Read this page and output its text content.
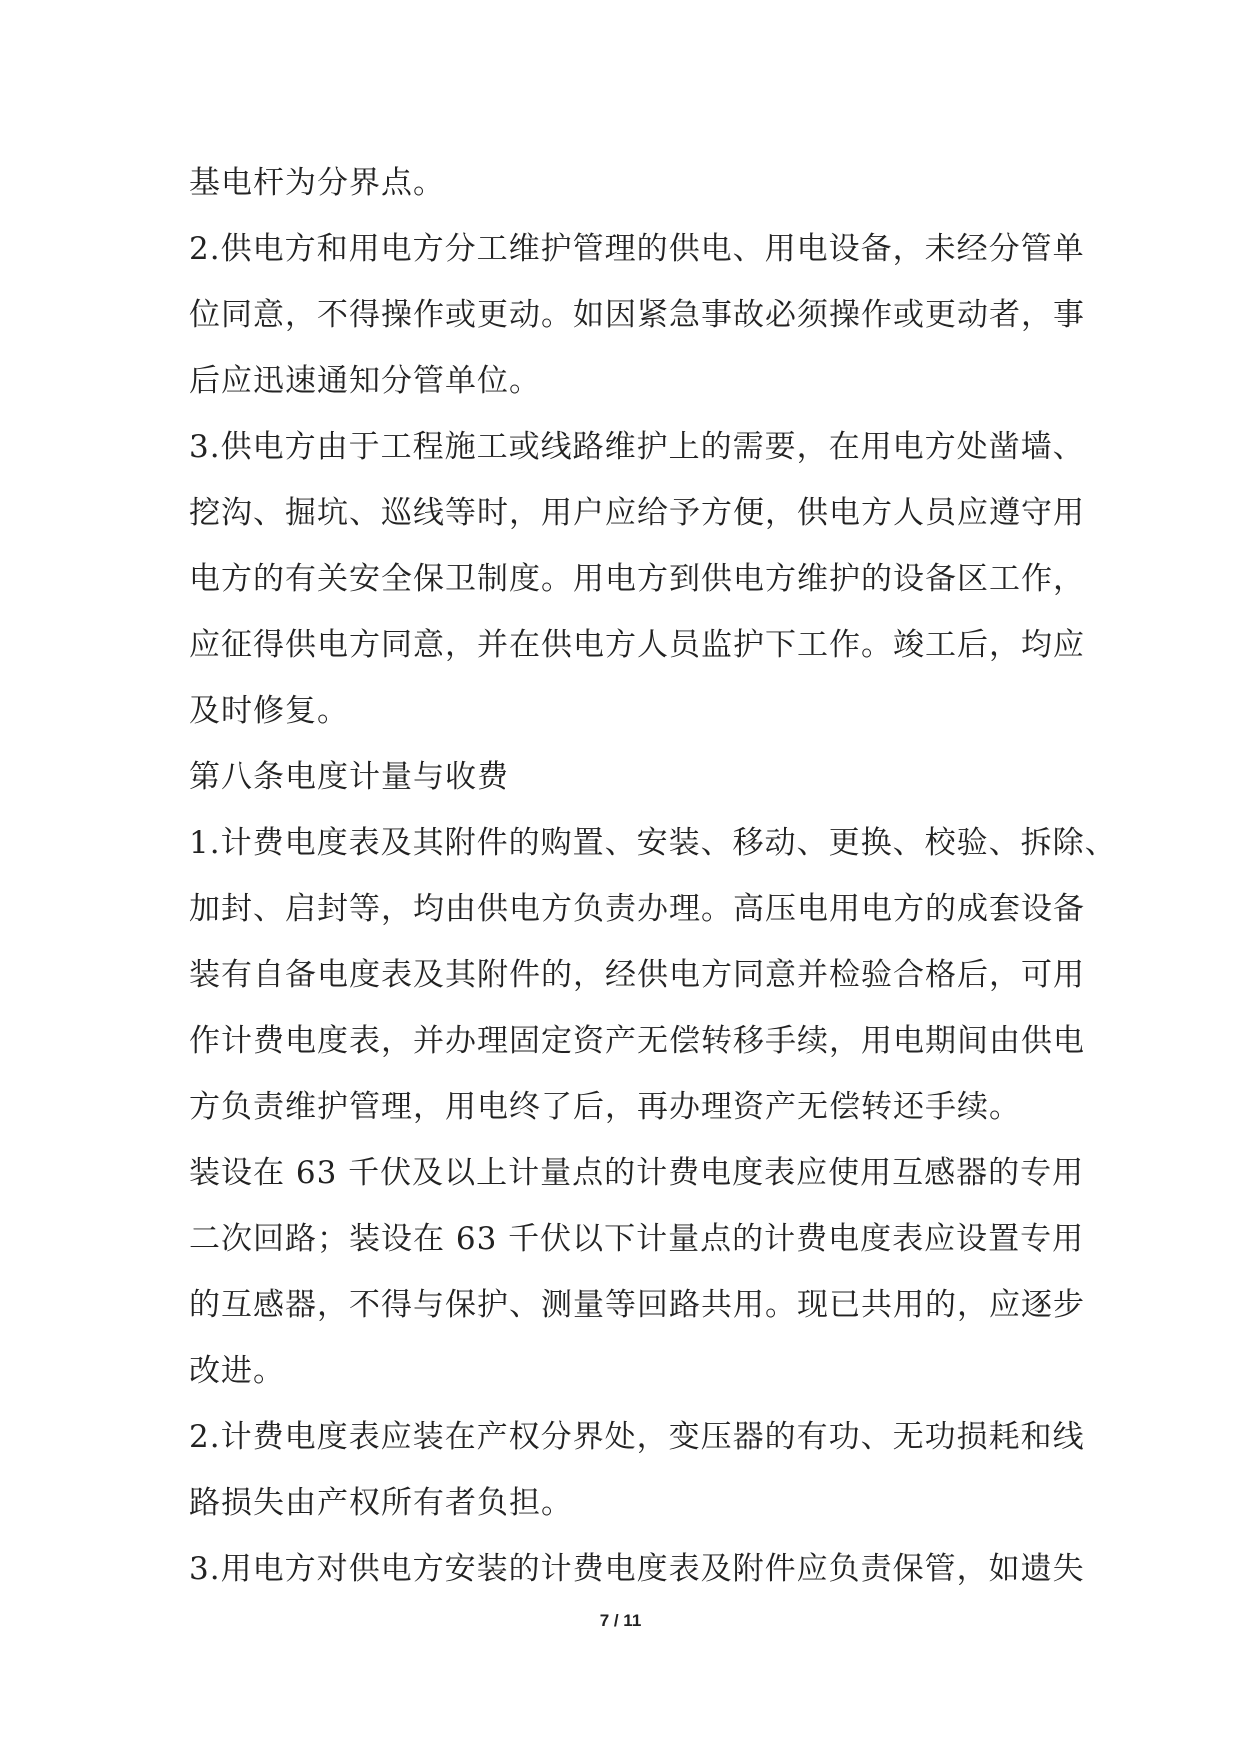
基电杆为分界点。
2.供电方和用电方分工维护管理的供电、用电设备，未经分管单
位同意，不得操作或更动。如因紧急事故必须操作或更动者，事
后应迅速通知分管单位。
3.供电方由于工程施工或线路维护上的需要，在用电方处凿墙、
挖沟、掘坑、巡线等时，用户应给予方便，供电方人员应遵守用
电方的有关安全保卫制度。用电方到供电方维护的设备区工作，
应征得供电方同意，并在供电方人员监护下工作。竣工后，均应
及时修复。
第八条电度计量与收费
1.计费电度表及其附件的购置、安装、移动、更换、校验、拆除、
加封、启封等，均由供电方负责办理。高压电用电方的成套设备
装有自备电度表及其附件的，经供电方同意并检验合格后，可用
作计费电度表，并办理固定资产无偿转移手续，用电期间由供电
方负责维护管理，用电终了后，再办理资产无偿转还手续。
装设在 63 千伏及以上计量点的计费电度表应使用互感器的专用
二次回路；装设在 63 千伏以下计量点的计费电度表应设置专用
的互感器，不得与保护、测量等回路共用。现已共用的，应逐步
改进。
2.计费电度表应装在产权分界处，变压器的有功、无功损耗和线
路损失由产权所有者负担。
3.用电方对供电方安装的计费电度表及附件应负责保管，如遗失
7 / 11
